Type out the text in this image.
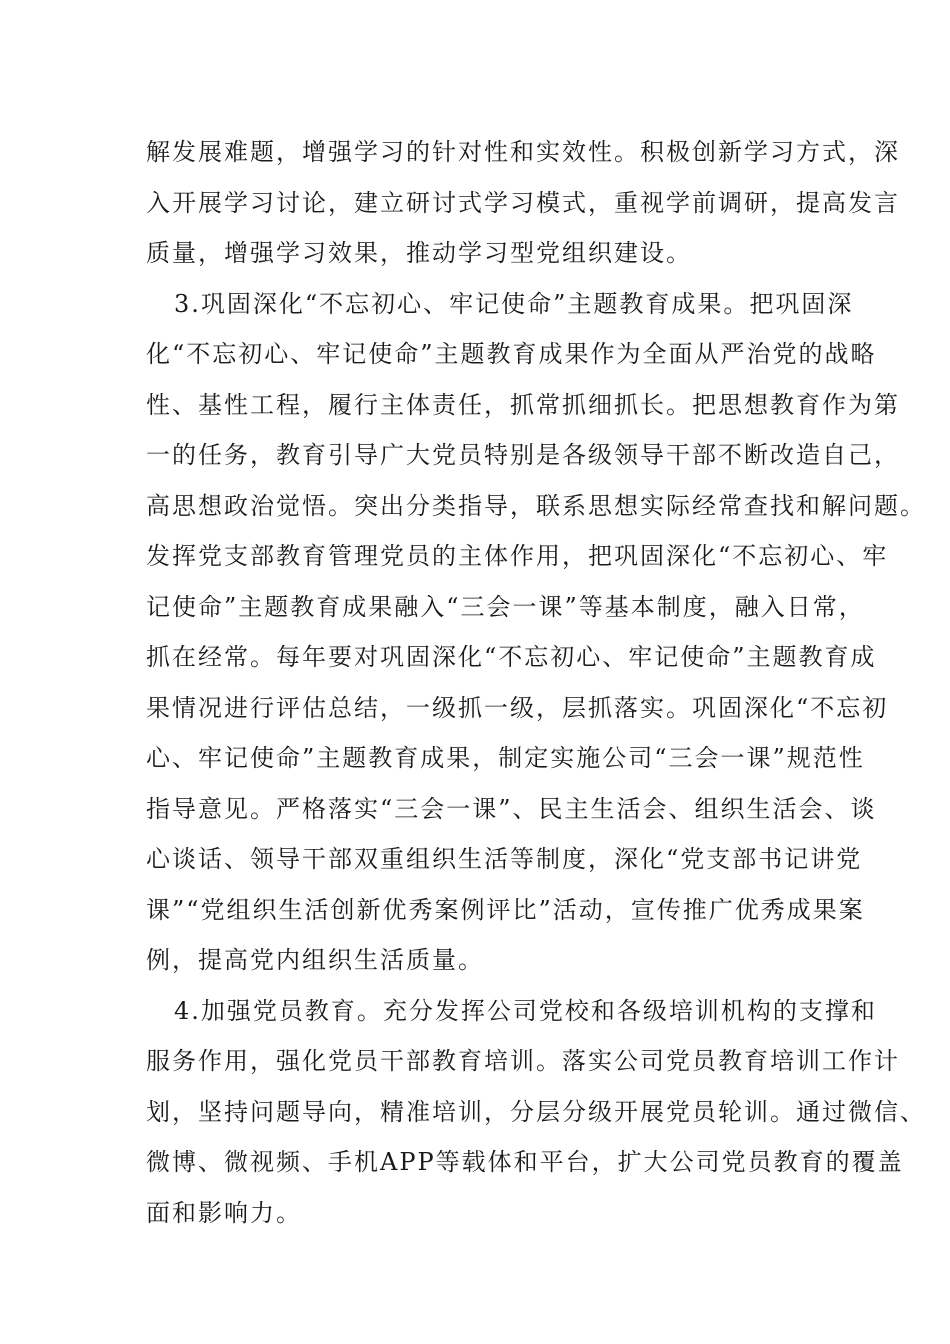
解发展难题，增强学习的针对性和实效性。积极创新学习方式，深
入开展学习讨论，建立研讨式学习模式，重视学前调研，提高发言
质量，增强学习效果，推动学习型党组织建设。
3.巩固深化“不忘初心、牢记使命”主题教育成果。把巩固深
化“不忘初心、牢记使命”主题教育成果作为全面从严治党的战略
性、基性工程，履行主体责任，抓常抓细抓长。把思想教育作为第
一的任务，教育引导广大党员特别是各级领导干部不断改造自己，
高思想政治觉悟。突出分类指导，联系思想实际经常查找和解问题。
发挥党支部教育管理党员的主体作用，把巩固深化“不忘初心、牢
记使命”主题教育成果融入“三会一课”等基本制度，融入日常，
抓在经常。每年要对巩固深化“不忘初心、牢记使命”主题教育成
果情况进行评估总结，一级抓一级，层抓落实。巩固深化“不忘初
心、牢记使命”主题教育成果，制定实施公司“三会一课”规范性
指导意见。严格落实“三会一课”、民主生活会、组织生活会、谈
心谈话、领导干部双重组织生活等制度，深化“党支部书记讲党
课”“党组织生活创新优秀案例评比”活动，宣传推广优秀成果案
例，提高党内组织生活质量。
4.加强党员教育。充分发挥公司党校和各级培训机构的支撑和
服务作用，强化党员干部教育培训。落实公司党员教育培训工作计
划，坚持问题导向，精准培训，分层分级开展党员轮训。通过微信、
微博、微视频、手机APP等载体和平台，扩大公司党员教育的覆盖
面和影响力。
